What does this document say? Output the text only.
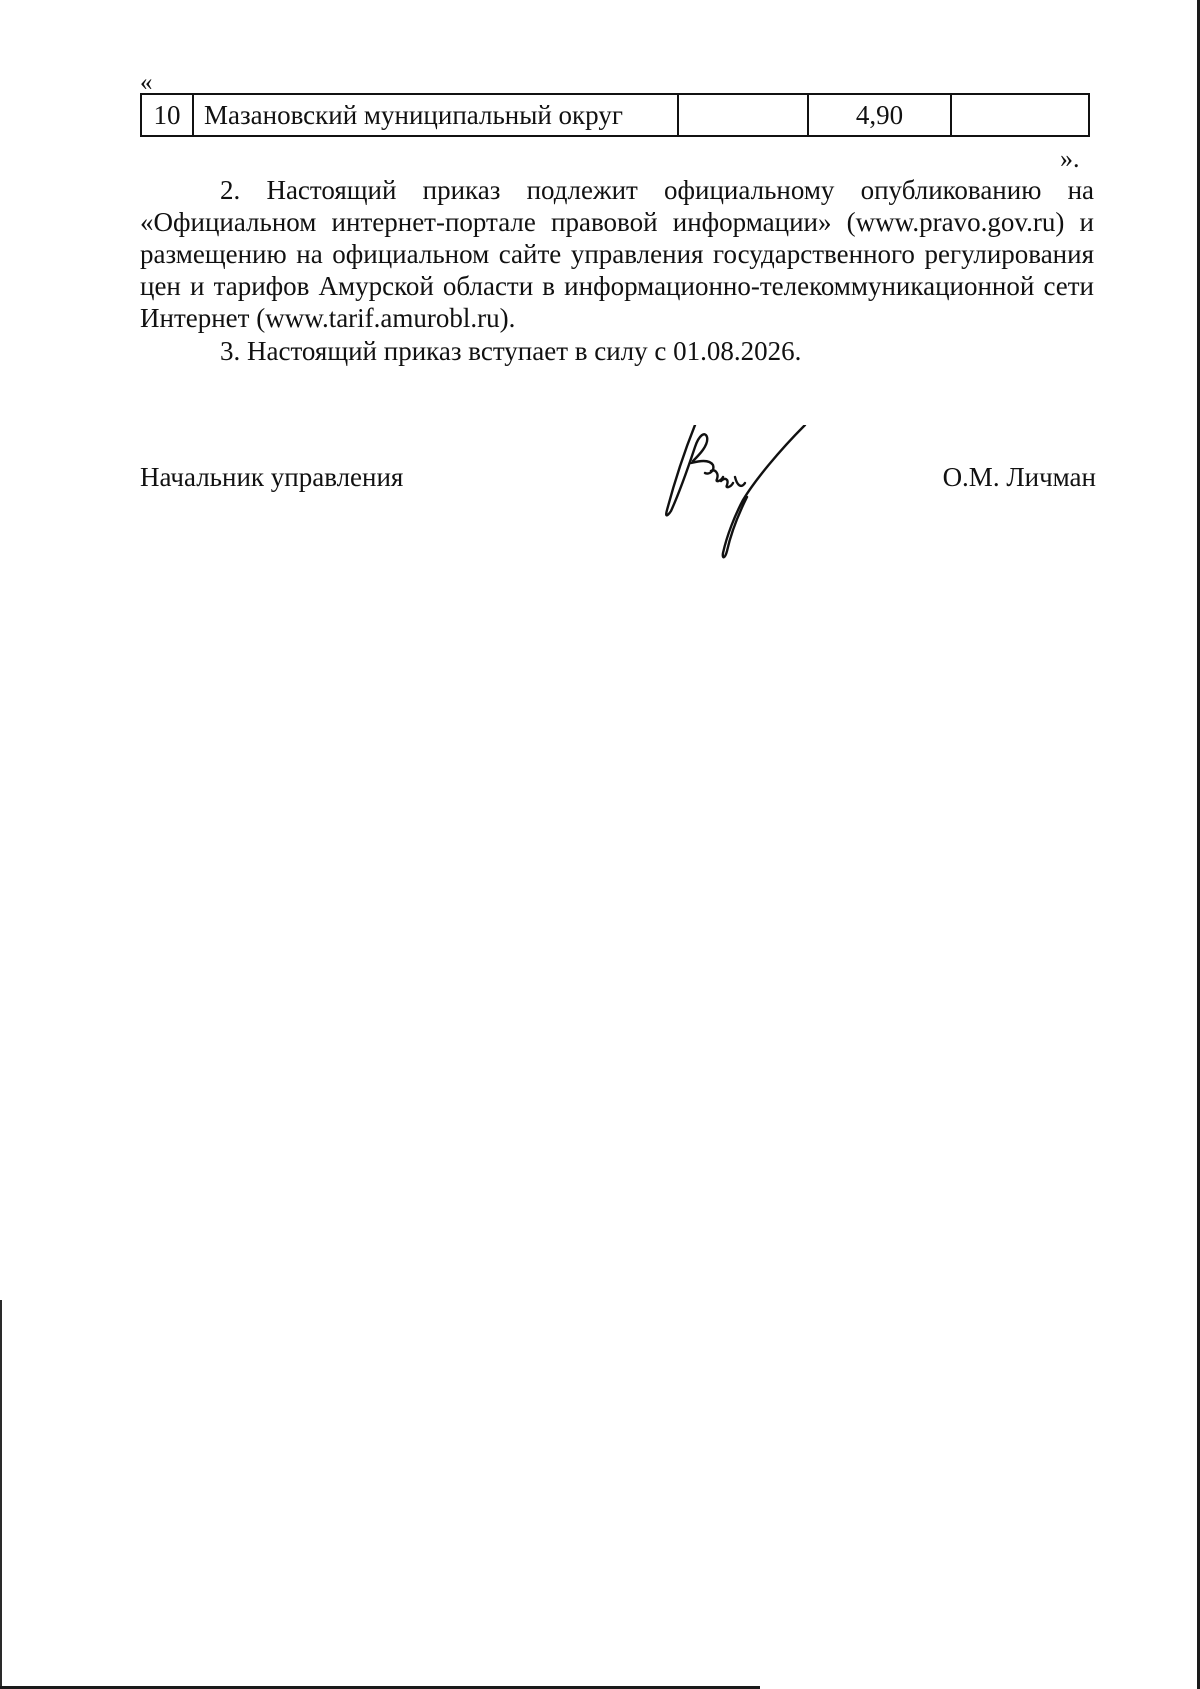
«
10 Мазановский муниципальный округ	4,90
».

2. Настоящий приказ подлежит официальному опубликованию на «Официальном интернет-портале правовой информации» (www.pravo.gov.ru) и размещению на официальном сайте управления государственного регулирования цен и тарифов Амурской области в информационно-телекоммуникационной сети Интернет (www.tarif.amurobl.ru).

3. Настоящий приказ вступает в силу с 01.08.2026.

Начальник управления	О.М. Личман
